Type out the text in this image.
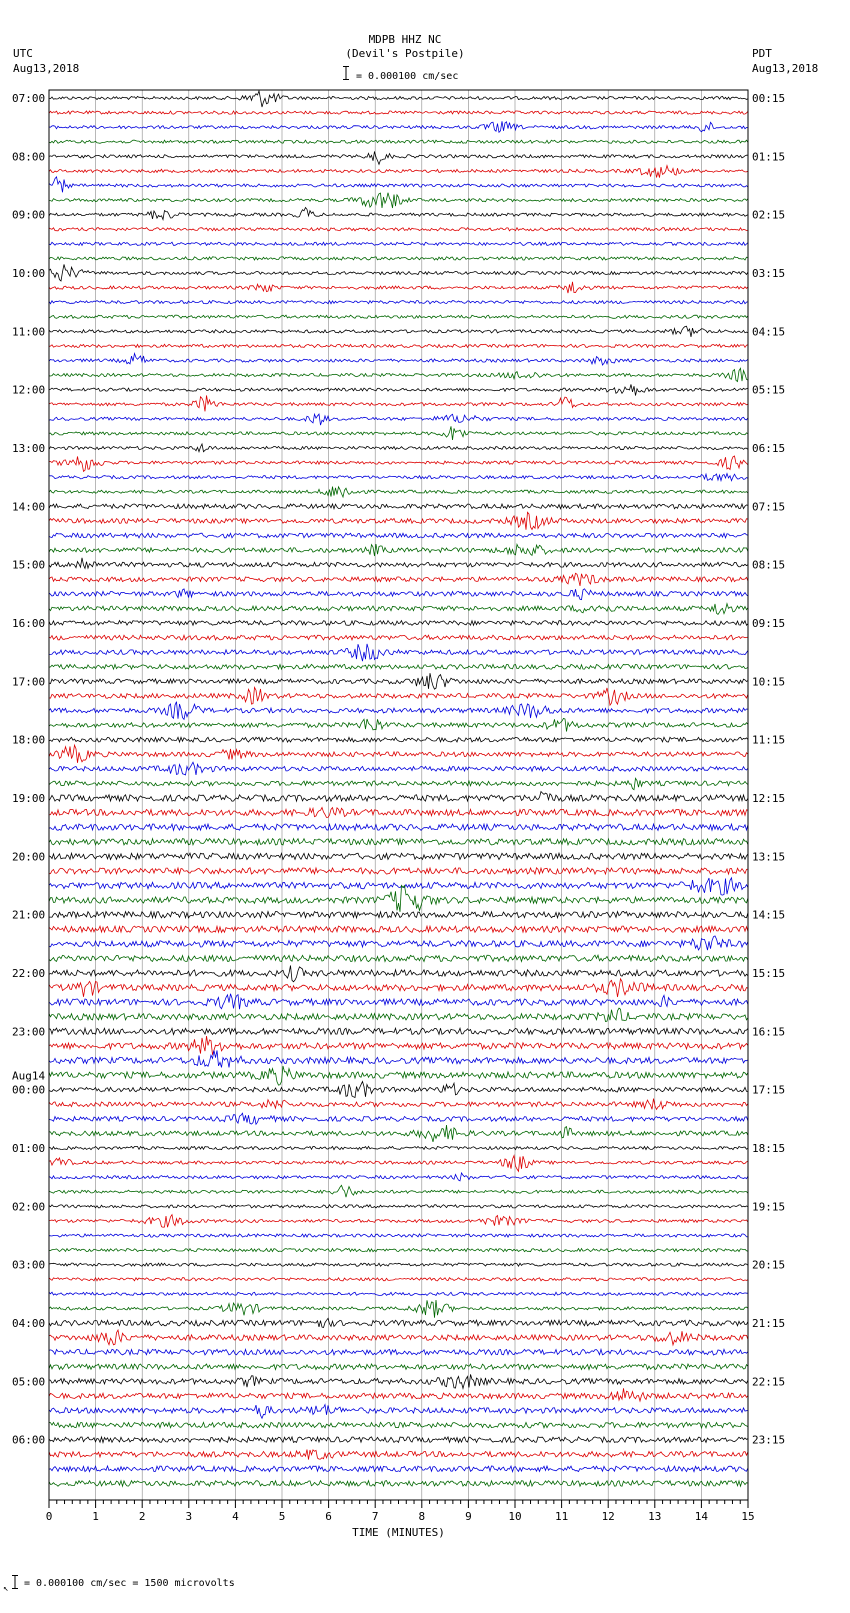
MDPB HHZ NC
(Devil's Postpile)
UTC
Aug13,2018
PDT
Aug13,2018
= 0.000100 cm/sec
0	1	2	3	4	5	6	7	8	9	10	11	12	13	14	15
TIME (MINUTES)
07:00
08:00
09:00
10:00
11:00
12:00
13:00
14:00
15:00
16:00
17:00
18:00
19:00
20:00
21:00
22:00
23:00
00:00
Aug14
01:00
02:00
03:00
04:00
05:00
06:00
00:15
01:15
02:15
03:15
04:15
05:15
06:15
07:15
08:15
09:15
10:15
11:15
12:15
13:15
14:15
15:15
16:15
17:15
18:15
19:15
20:15
21:15
22:15
23:15
↖ = 0.000100 cm/sec = 1500 microvolts
